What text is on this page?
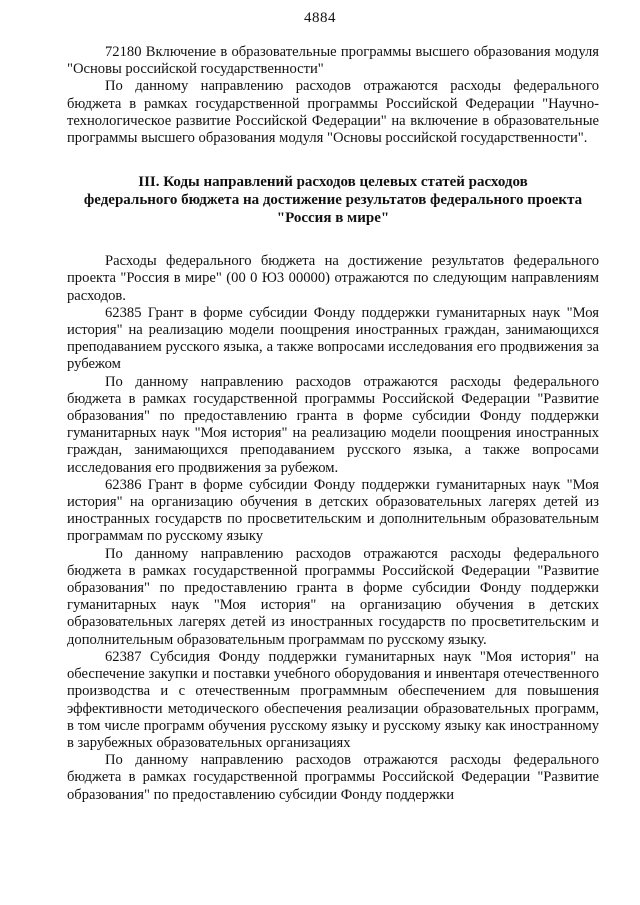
4884

72180 Включение в образовательные программы высшего образования модуля "Основы российской государственности"

По данному направлению расходов отражаются расходы федерального бюджета в рамках государственной программы Российской Федерации "Научно-технологическое развитие Российской Федерации" на включение в образовательные программы высшего образования модуля "Основы российской государственности".

III. Коды направлений расходов целевых статей расходов
федерального бюджета на достижение результатов федерального проекта
"Россия в мире"

Расходы федерального бюджета на достижение результатов федерального проекта "Россия в мире" (00 0 Ю3 00000) отражаются по следующим направлениям расходов.

62385 Грант в форме субсидии Фонду поддержки гуманитарных наук "Моя история" на реализацию модели поощрения иностранных граждан, занимающихся преподаванием русского языка, а также вопросами исследования его продвижения за рубежом

По данному направлению расходов отражаются расходы федерального бюджета в рамках государственной программы Российской Федерации "Развитие образования" по предоставлению гранта в форме субсидии Фонду поддержки гуманитарных наук "Моя история" на реализацию модели поощрения иностранных граждан, занимающихся преподаванием русского языка, а также вопросами исследования его продвижения за рубежом.

62386 Грант в форме субсидии Фонду поддержки гуманитарных наук "Моя история" на организацию обучения в детских образовательных лагерях детей из иностранных государств по просветительским и дополнительным образовательным программам по русскому языку

По данному направлению расходов отражаются расходы федерального бюджета в рамках государственной программы Российской Федерации "Развитие образования" по предоставлению гранта в форме субсидии Фонду поддержки гуманитарных наук "Моя история" на организацию обучения в детских образовательных лагерях детей из иностранных государств по просветительским и дополнительным образовательным программам по русскому языку.

62387 Субсидия Фонду поддержки гуманитарных наук "Моя история" на обеспечение закупки и поставки учебного оборудования и инвентаря отечественного производства и с отечественным программным обеспечением для повышения эффективности методического обеспечения реализации образовательных программ, в том числе программ обучения русскому языку и русскому языку как иностранному в зарубежных образовательных организациях

По данному направлению расходов отражаются расходы федерального бюджета в рамках государственной программы Российской Федерации "Развитие образования" по предоставлению субсидии Фонду поддержки
